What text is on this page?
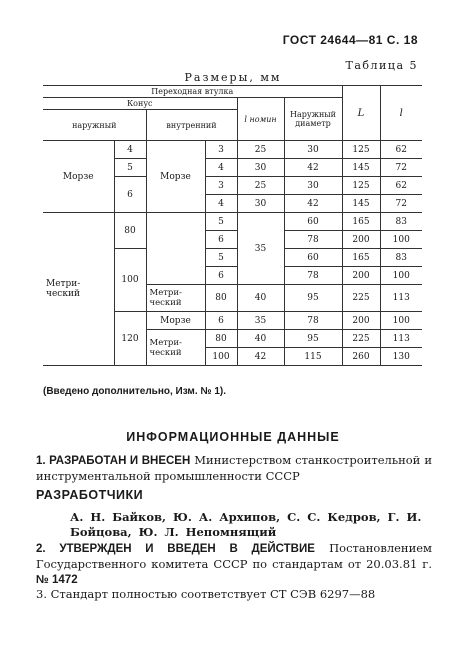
ГОСТ 24644—81 С. 18
Таблица 5
Размеры, мм
Переходная втулка						L	l
Конус				l номин	Наружный диаметр		
наружный		внутренний					
Морзе	4	Морзе	3	25	30	125	62
	5		4	30	42	145	72
	6		3	25	30	125	62
			4	30	42	145	72
Метри-ческий	80		5	35	60	165	83
			6		78	200	100
	100		5		60	165	83
			6		78	200	100
		Метри-ческий	80	40	95	225	113
	120	Морзе	6	35	78	200	100
		Метри-ческий	80	40	95	225	113
			100	42	115	260	130
(Введено дополнительно, Изм. № 1).
ИНФОРМАЦИОННЫЕ ДАННЫЕ
1. РАЗРАБОТАН И ВНЕСЕН Министерством станкостроительной и инструментальной промышленности СССР
РАЗРАБОТЧИКИ
А. Н. Байков, Ю. А. Архипов, С. С. Кедров, Г. И. Бойцова, Ю. Л. Непомнящий
2. УТВЕРЖДЕН И ВВЕДЕН В ДЕЙСТВИЕ Постановлением Государственного комитета СССР по стандартам от 20.03.81 г. № 1472
3. Стандарт полностью соответствует СТ СЭВ 6297—88
